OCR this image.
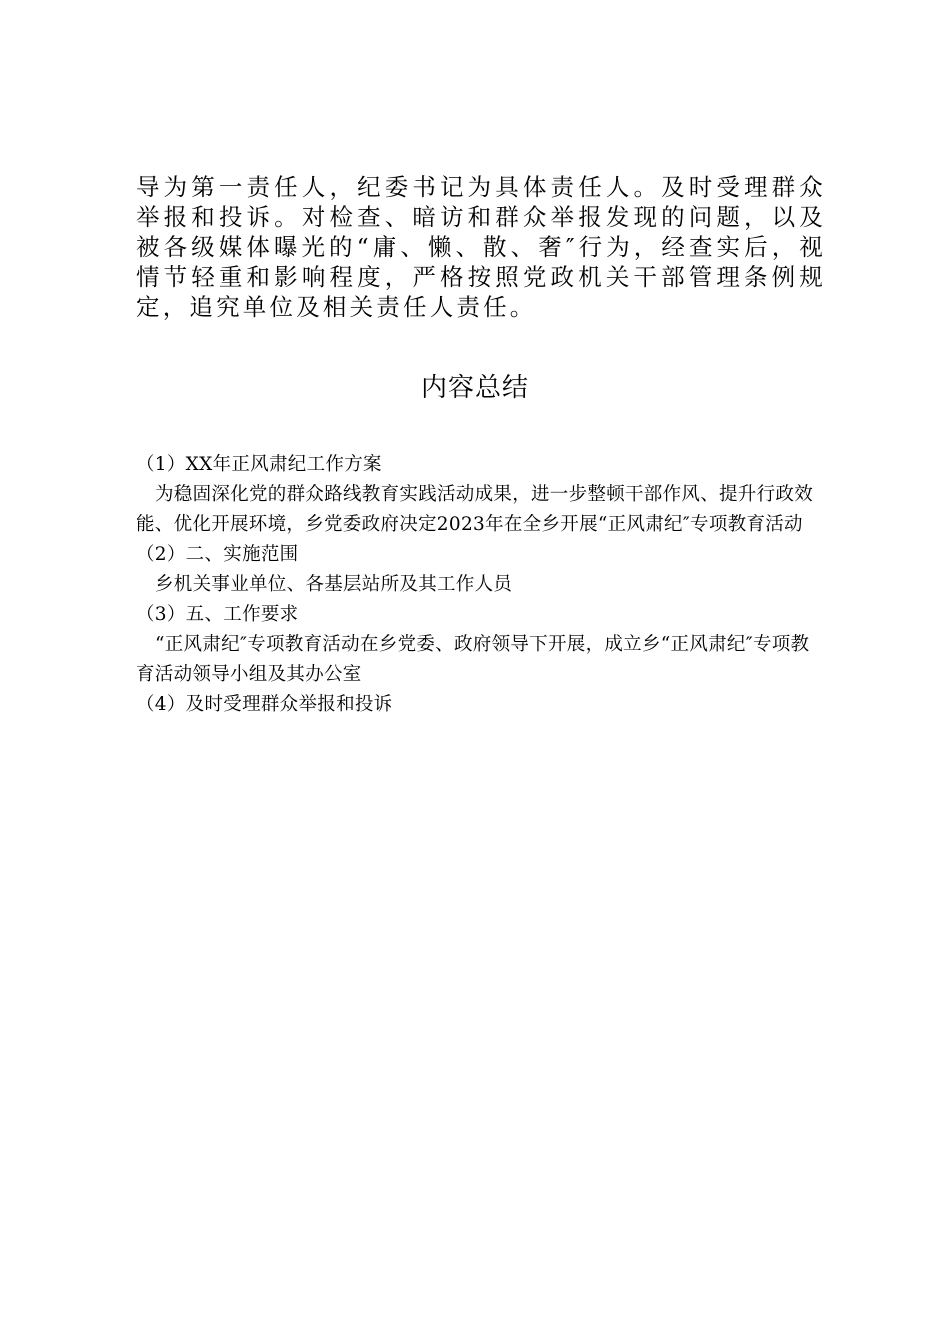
导为第一责任人，纪委书记为具体责任人。及时受理群众举报和投诉。对检查、暗访和群众举报发现的问题，以及被各级媒体曝光的“庸、懒、散、奢″行为，经查实后，视情节轻重和影响程度，严格按照党政机关干部管理条例规定，追究单位及相关责任人责任。

内容总结

（1）XX年正风肃纪工作方案

为稳固深化党的群众路线教育实践活动成果，进一步整顿干部作风、提升行政效能、优化开展环境，乡党委政府决定2023年在全乡开展“正风肃纪″专项教育活动

（2）二、实施范围

乡机关事业单位、各基层站所及其工作人员

（3）五、工作要求

“正风肃纪″专项教育活动在乡党委、政府领导下开展，成立乡“正风肃纪″专项教育活动领导小组及其办公室

（4）及时受理群众举报和投诉
